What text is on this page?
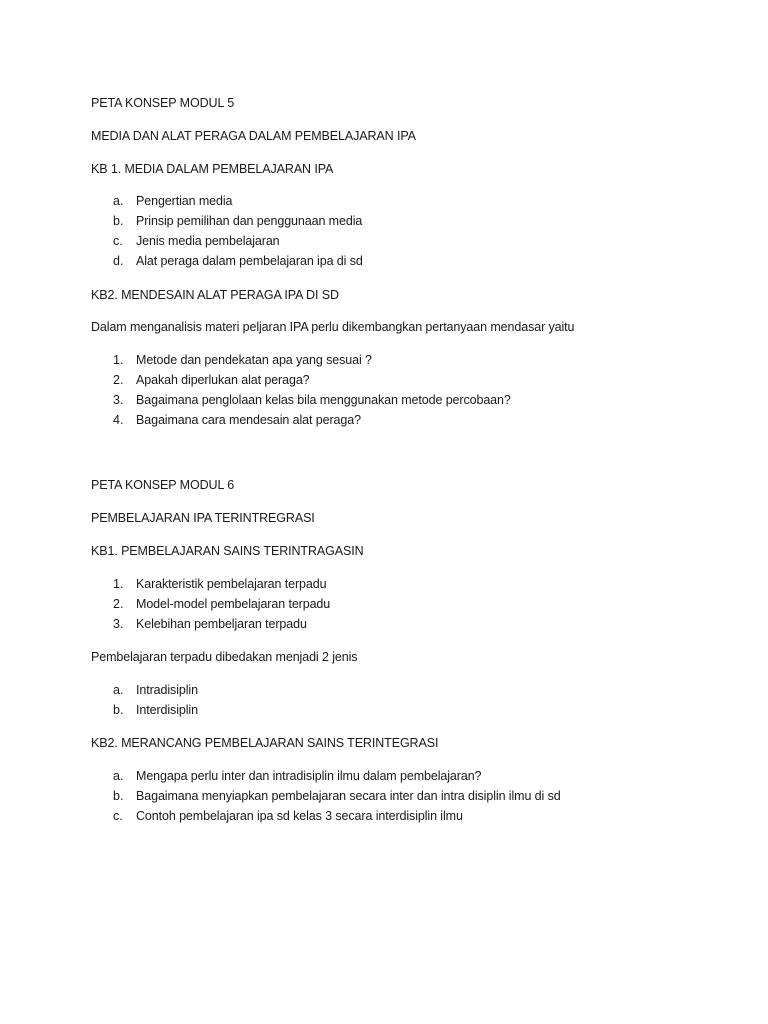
PETA KONSEP MODUL 5
MEDIA DAN ALAT PERAGA DALAM PEMBELAJARAN IPA
KB 1. MEDIA DALAM PEMBELAJARAN IPA
a. Pengertian media
b. Prinsip pemilihan dan penggunaan media
c. Jenis media pembelajaran
d. Alat peraga dalam pembelajaran ipa di sd
KB2. MENDESAIN ALAT PERAGA IPA DI SD
Dalam menganalisis materi peljaran IPA perlu dikembangkan pertanyaan mendasar yaitu
1. Metode dan pendekatan apa yang sesuai ?
2. Apakah diperlukan alat peraga?
3. Bagaimana penglolaan kelas bila menggunakan metode percobaan?
4. Bagaimana cara mendesain alat peraga?
PETA KONSEP MODUL 6
PEMBELAJARAN IPA TERINTREGRASI
KB1. PEMBELAJARAN SAINS TERINTRAGASIN
1. Karakteristik pembelajaran terpadu
2. Model-model pembelajaran terpadu
3. Kelebihan pembeljaran terpadu
Pembelajaran terpadu dibedakan menjadi 2 jenis
a. Intradisiplin
b. Interdisiplin
KB2. MERANCANG PEMBELAJARAN SAINS TERINTEGRASI
a. Mengapa perlu inter dan intradisiplin ilmu dalam pembelajaran?
b. Bagaimana menyiapkan pembelajaran secara inter dan intra disiplin ilmu di sd
c. Contoh pembelajaran ipa sd kelas 3 secara interdisiplin ilmu
